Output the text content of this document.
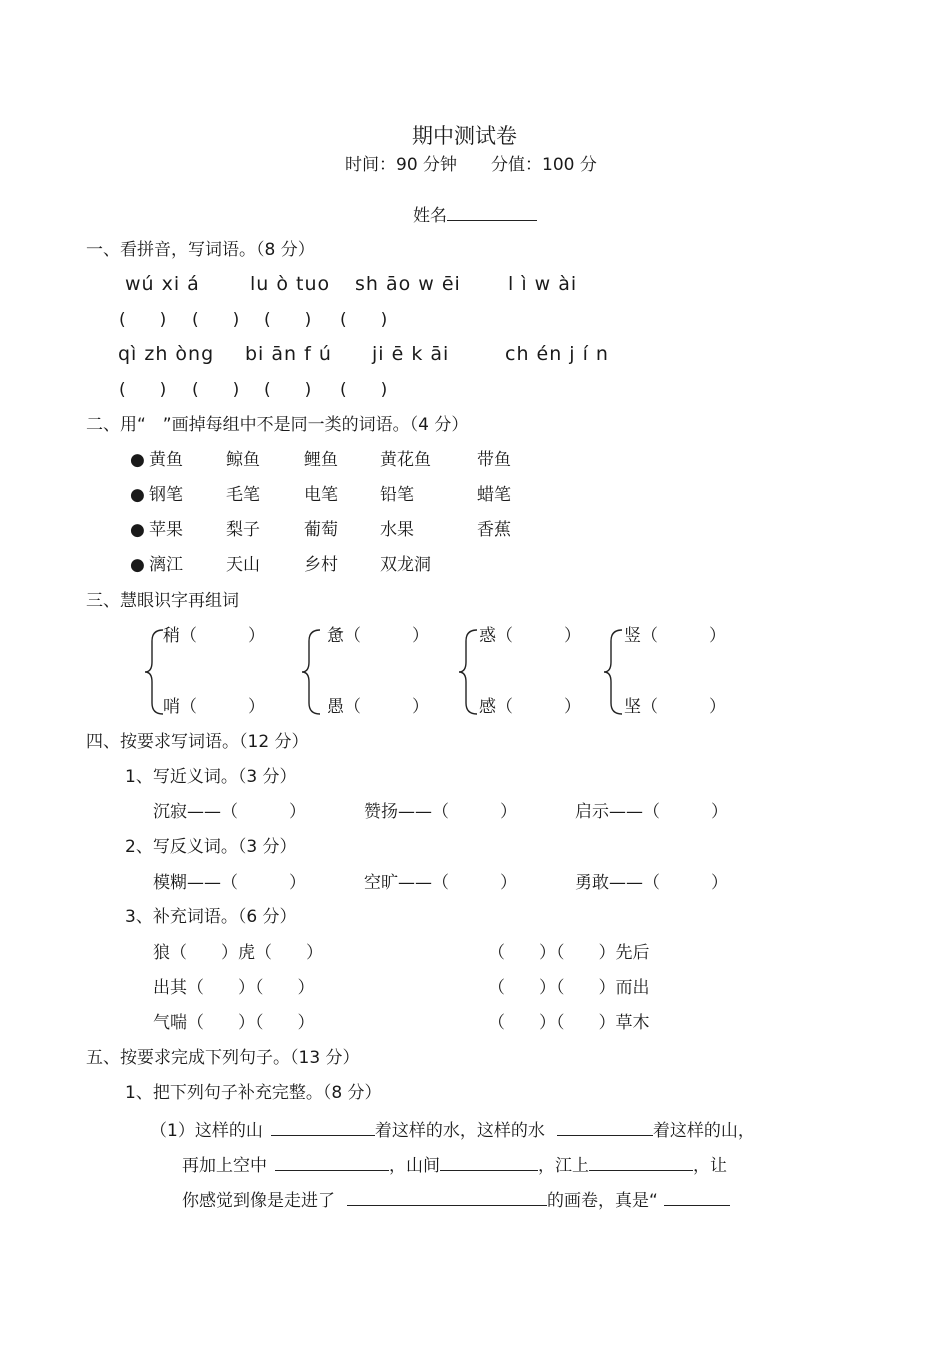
期中测试卷
时间：90 分钟　　分值：100 分
姓名
一、看拼音，写词语。（8 分）
wú xi á	lu ò tuo sh āo w ēi l ì w ài
(　　) (　　) (　　) (　　)
qì zh òng bi ān f ú ji ē k āi	ch én j í n
(　　) (　　) (　　) (　　)
二、用“　”画掉每组中不是同一类的词语。（4 分）
● 黄鱼	鲸鱼	鲤鱼 黄花鱼	带鱼
● 钢笔	毛笔	电笔 铅笔	蜡笔
● 苹果	梨子	葡萄 水果	香蕉
● 漓江	天山	乡村 双龙洞
三、慧眼识字再组词
稍（　　　）
哨（　　　）
惫（　　　）
愚（　　　）
惑（　　　）
感（　　　）
竖（　　　）
坚（　　　）
四、按要求写词语。（12 分）
1、写近义词。（3 分）
沉寂——（　　　）	赞扬——（　　　）	启示——（　　　）
2、写反义词。（3 分）
模糊——（　　　）	空旷——（　　　）	勇敢——（　　　）
3、补充词语。（6 分）
狼（　　）虎（　　）	（　　）（　　）先后
出其（　　）（　　）	（　　）（　　）而出
气喘（　　）（　　）	（　　）（　　）草木
五、按要求完成下列句子。（13 分）
1、把下列句子补充完整。（8 分）
（1）这样的山	着这样的水，这样的水	着这样的山，
再加上空中	，山间	，江上	，让
你感觉到像是走进了	的画卷，真是“
